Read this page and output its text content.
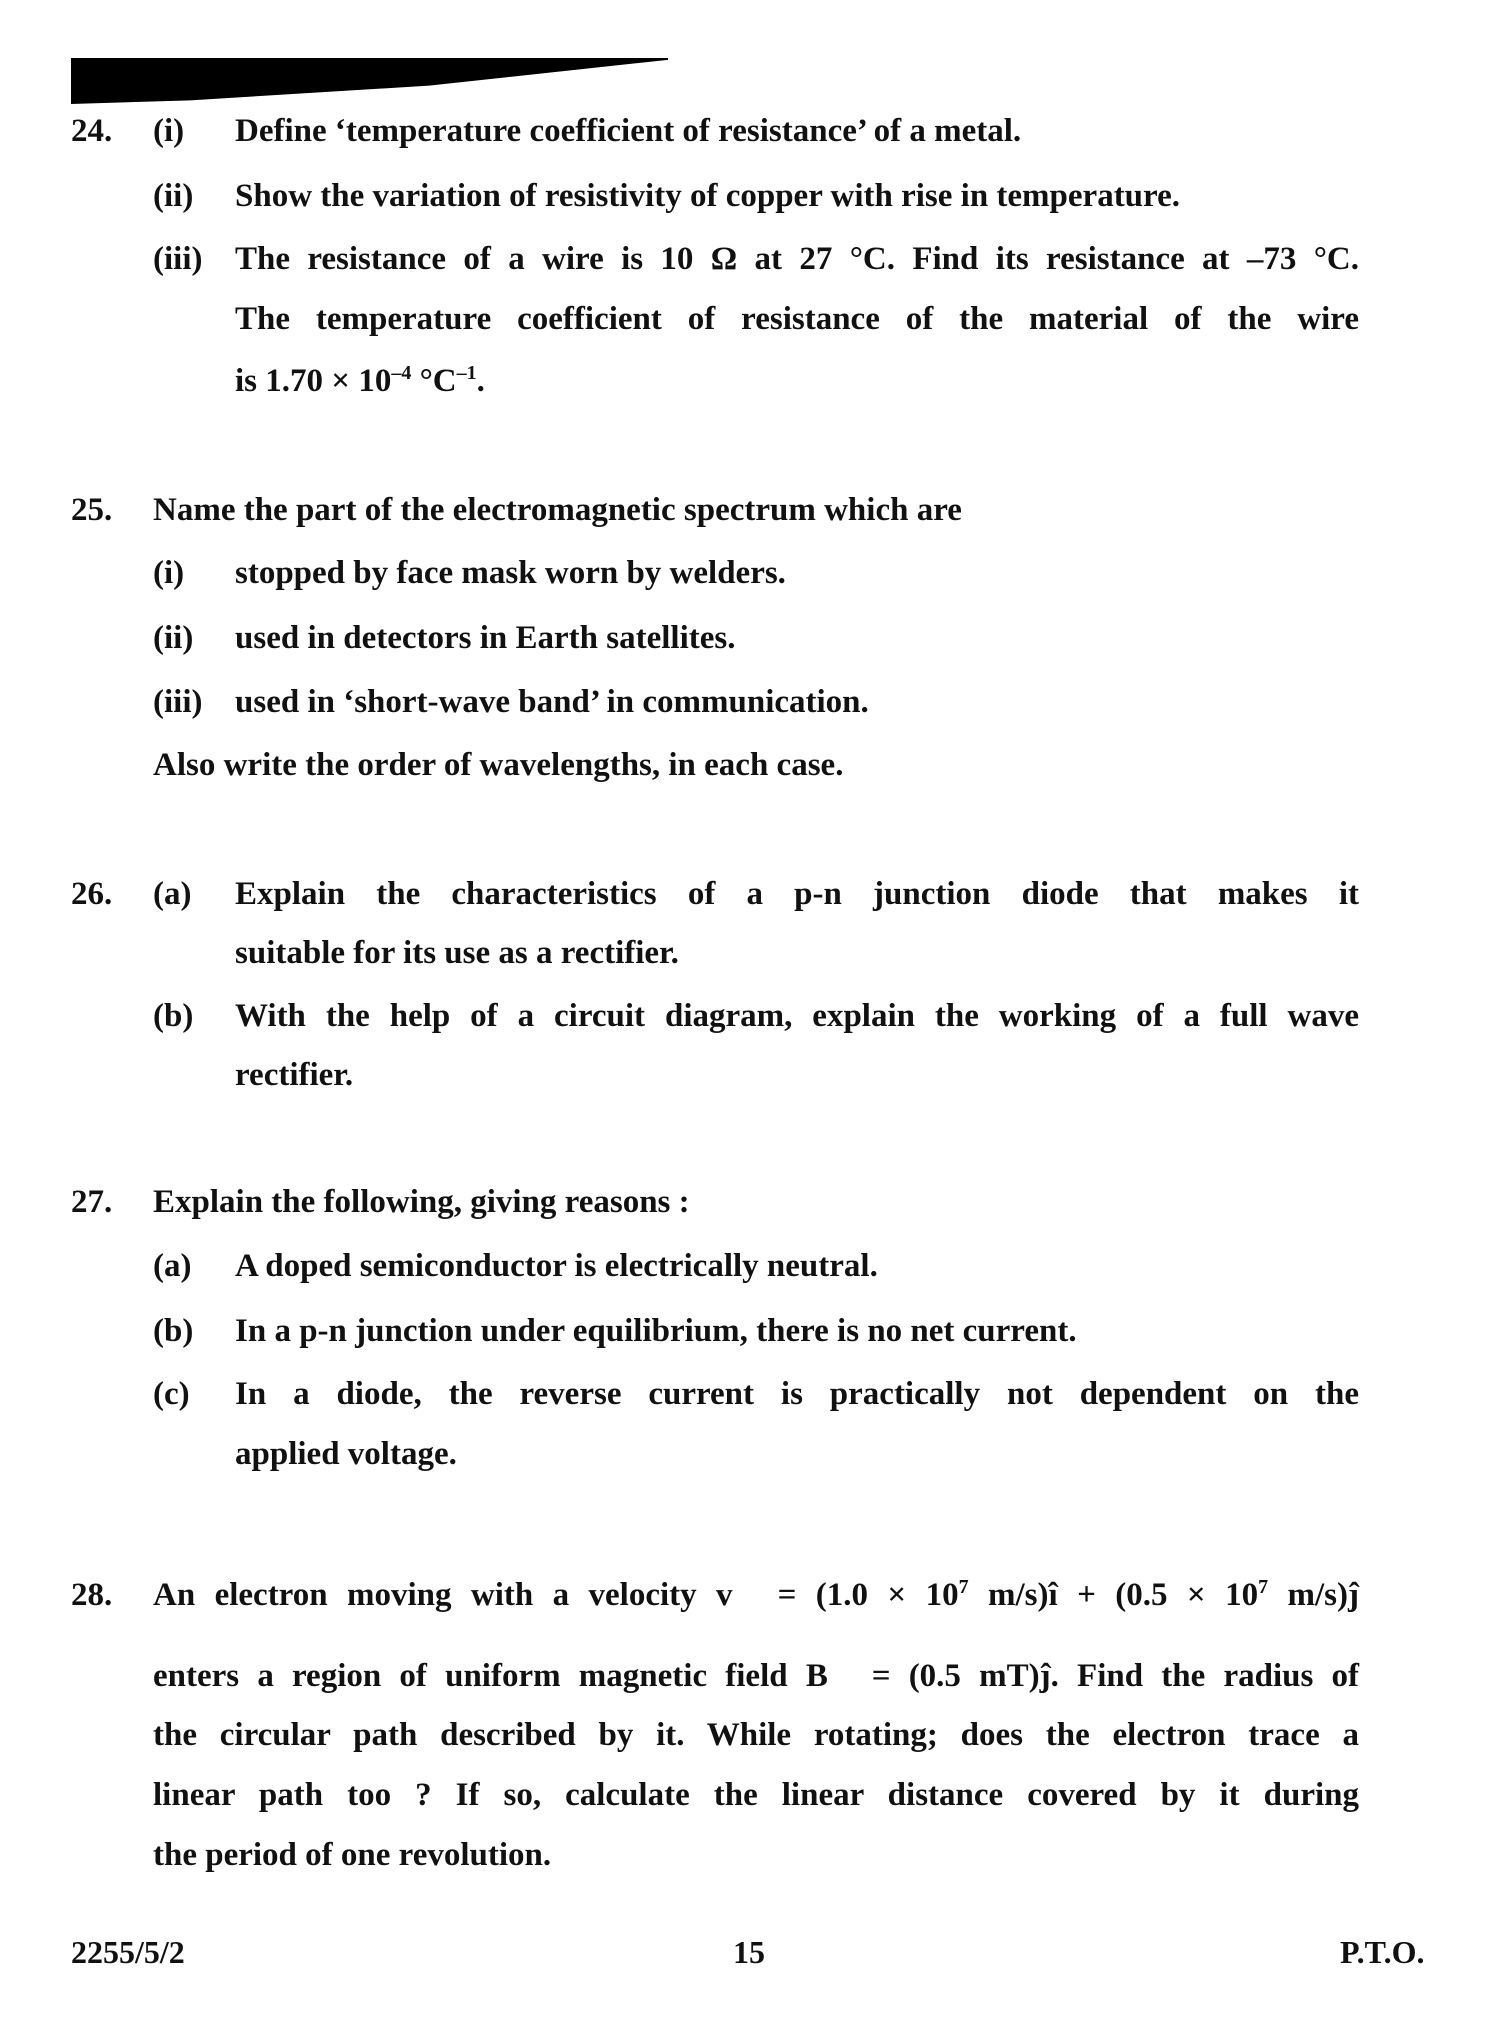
24. (i) Define ‘temperature coefficient of resistance’ of a metal.
(ii) Show the variation of resistivity of copper with rise in temperature.
(iii) The resistance of a wire is 10 Ω at 27 °C. Find its resistance at –73 °C.
The temperature coefficient of resistance of the material of the wire
is $1.70 \times 10^{-4}$ $^\circ C^{-1}$.
25. Name the part of the electromagnetic spectrum which are
(i) stopped by face mask worn by welders.
(ii) used in detectors in Earth satellites.
(iii) used in ‘short-wave band’ in communication.
Also write the order of wavelengths, in each case.
26. (a) Explain the characteristics of a p-n junction diode that makes it
suitable for its use as a rectifier.
(b) With the help of a circuit diagram, explain the working of a full wave
rectifier.
27. Explain the following, giving reasons :
(a) A doped semiconductor is electrically neutral.
(b) In a p-n junction under equilibrium, there is no net current.
(c) In a diode, the reverse current is practically not dependent on the
applied voltage.
28. An electron moving with a velocity v⃗ = ($1.0 \times 10^7$ m/s)î + ($0.5 \times 10^7$ m/s)ĵ
enters a region of uniform magnetic field B⃗ = (0.5 mT)ĵ. Find the radius of
the circular path described by it. While rotating; does the electron trace a
linear path too ? If so, calculate the linear distance covered by it during
the period of one revolution.
2255/5/2	15	P.T.O.
